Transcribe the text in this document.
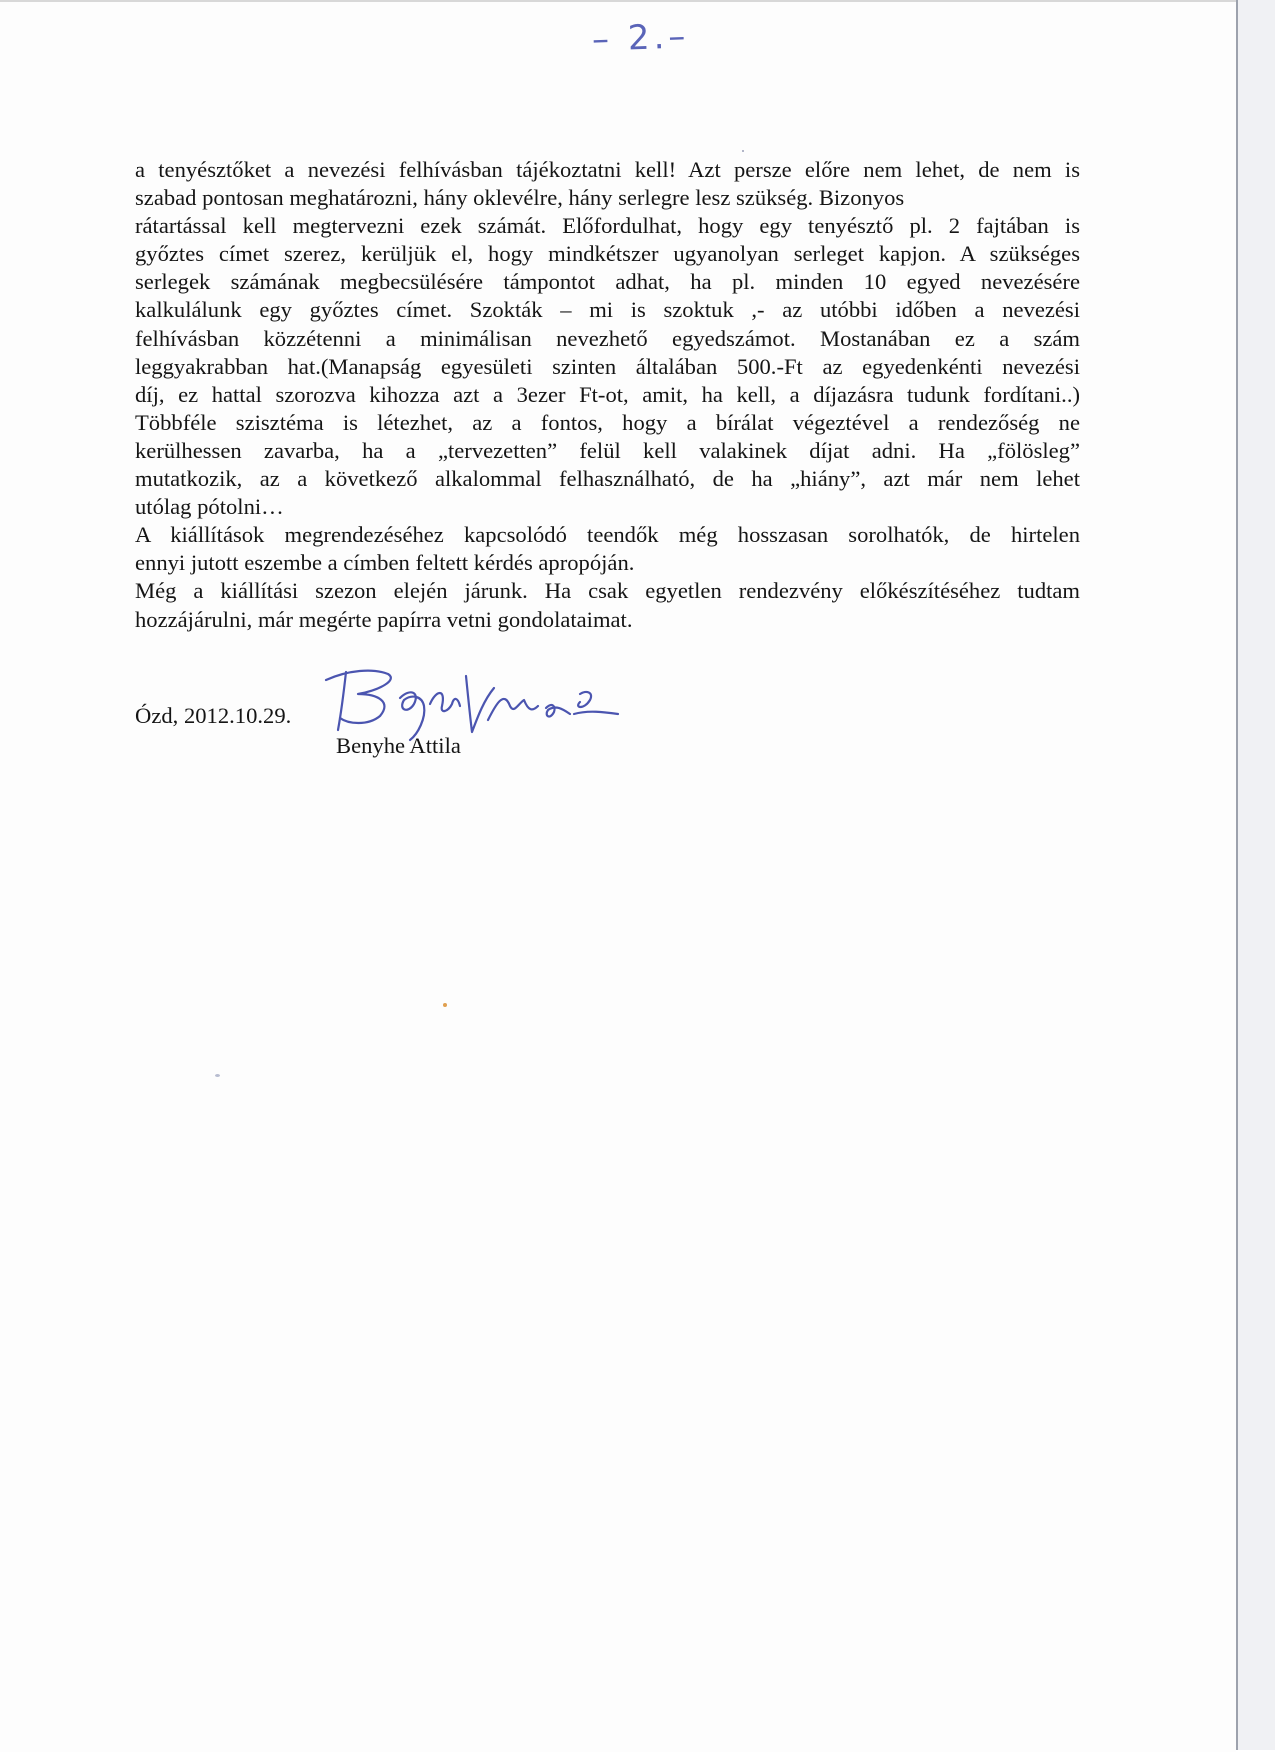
– 2.–
a tenyésztőket a nevezési felhívásban tájékoztatni kell! Azt persze előre nem lehet, de nem is
szabad pontosan meghatározni, hány oklevélre, hány serlegre lesz szükség. Bizonyos
rátartással kell megtervezni ezek számát. Előfordulhat, hogy egy tenyésztő pl. 2 fajtában is
győztes címet szerez, kerüljük el, hogy mindkétszer ugyanolyan serleget kapjon. A szükséges
serlegek számának megbecsülésére támpontot adhat, ha pl. minden 10 egyed nevezésére
kalkulálunk egy győztes címet. Szokták – mi is szoktuk ,- az utóbbi időben a nevezési
felhívásban közzétenni a minimálisan nevezhető egyedszámot. Mostanában ez a szám
leggyakrabban hat.(Manapság egyesületi szinten általában 500.-Ft az egyedenkénti nevezési
díj, ez hattal szorozva kihozza azt a 3ezer Ft-ot, amit, ha kell, a díjazásra tudunk fordítani..)
Többféle szisztéma is létezhet, az a fontos, hogy a bírálat végeztével a rendezőség ne
kerülhessen zavarba, ha a „tervezetten” felül kell valakinek díjat adni. Ha „fölösleg”
mutatkozik, az a következő alkalommal felhasználható, de ha „hiány”, azt már nem lehet
utólag pótolni…
A kiállítások megrendezéséhez kapcsolódó teendők még hosszasan sorolhatók, de hirtelen
ennyi jutott eszembe a címben feltett kérdés apropóján.
Még a kiállítási szezon elején járunk. Ha csak egyetlen rendezvény előkészítéséhez tudtam
hozzájárulni, már megérte papírra vetni gondolataimat.
Ózd, 2012.10.29.
Benyhe Attila
